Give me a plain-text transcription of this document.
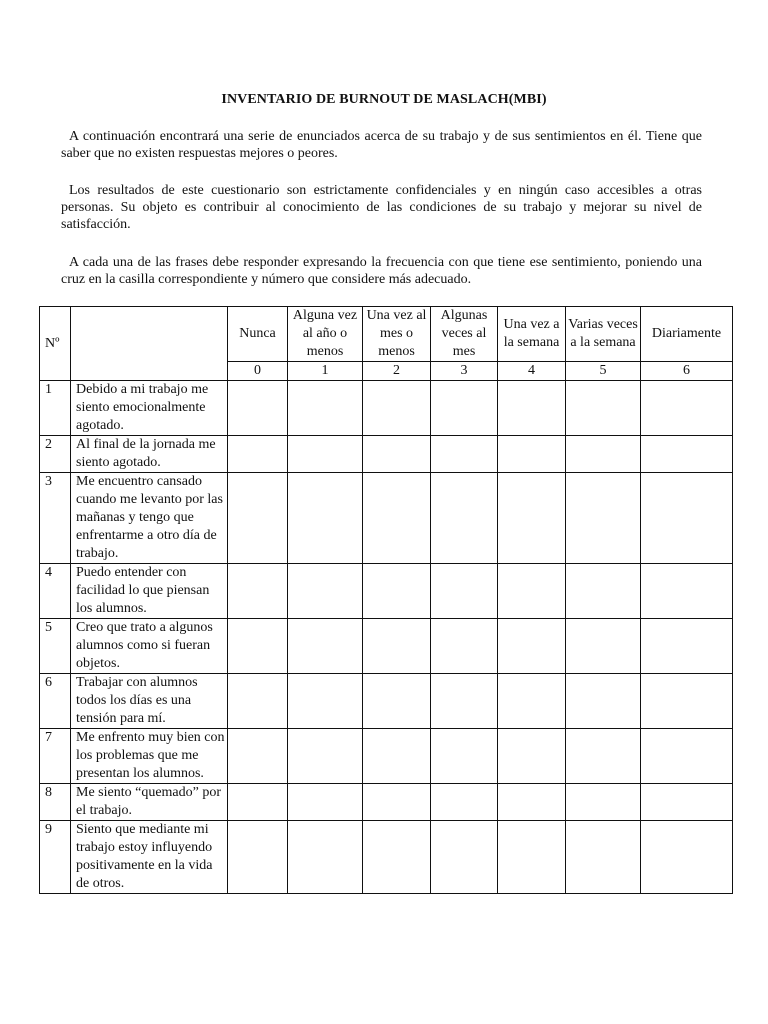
INVENTARIO DE BURNOUT DE MASLACH(MBI)
A continuación encontrará una serie de enunciados acerca de su trabajo y de sus sentimientos en él. Tiene que saber que no existen respuestas mejores o peores.
Los resultados de este cuestionario son estrictamente confidenciales y en ningún caso accesibles a otras personas. Su objeto es contribuir al conocimiento de las condiciones de su trabajo y mejorar su nivel de satisfacción.
A cada una de las frases debe responder expresando la frecuencia con que tiene ese sentimiento, poniendo una cruz en la casilla correspondiente y número que considere más adecuado.
Nº		Nunca	Alguna vez al año o menos	Una vez al mes o menos	Algunas veces al mes	Una vez a la semana	Varias veces a la semana	Diariamente
		0	1	2	3	4	5	6
1	Debido a mi trabajo me siento emocionalmente agotado.							
2	Al final de la jornada me siento agotado.							
3	Me encuentro cansado cuando me levanto por las mañanas y tengo que enfrentarme a otro día de trabajo.							
4	Puedo entender con facilidad lo que piensan los alumnos.							
5	Creo que trato a algunos alumnos como si fueran objetos.							
6	Trabajar con alumnos todos los días es una tensión para mí.							
7	Me enfrento muy bien con los problemas que me presentan los alumnos.							
8	Me siento “quemado” por el trabajo.							
9	Siento que mediante mi trabajo estoy influyendo positivamente en la vida de otros.							
